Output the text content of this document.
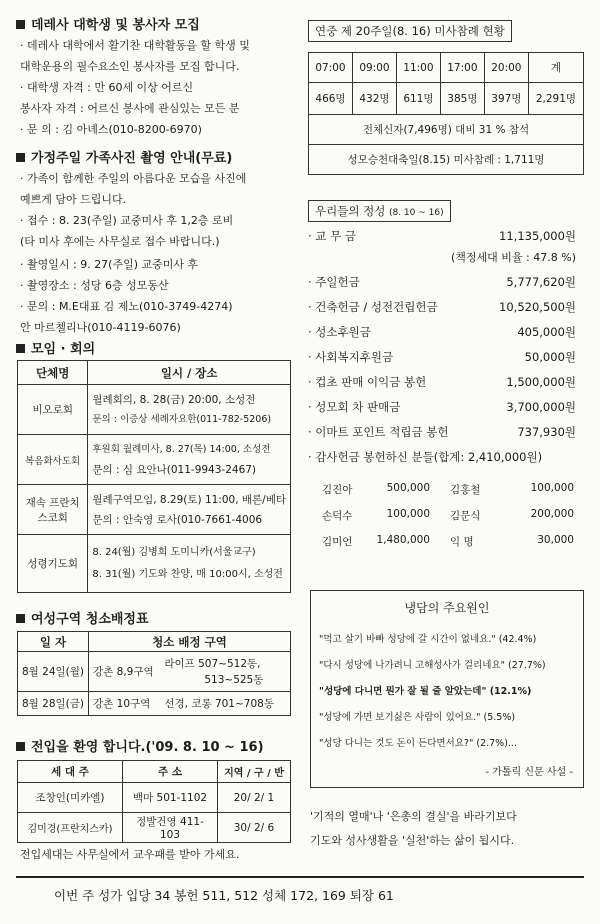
데레사 대학생 및 봉사자 모집
· 데레사 대학에서 활기찬 대학활동을 할 학생 및
대학운용의 필수요소인 봉사자를 모집 합니다.
· 대학생 자격 : 만 60세 이상 어르신
봉사자 자격 : 어르신 봉사에 관심있는 모든 분
· 문 의 : 김 아녜스(010-8200-6970)
가정주일 가족사진 촬영 안내(무료)
· 가족이 함께한 주일의 아름다운 모습을 사진에
예쁘게 담아 드립니다.
· 접수 : 8. 23(주일) 교중미사 후 1,2층 로비
(타 미사 후에는 사무실로 접수 바랍니다.)
· 촬영일시 : 9. 27(주일) 교중미사 후
· 촬영장소 : 성당 6층 성모동산
· 문의 : M.E대표 김 제노(010-3749-4274)
안 마르첼리나(010-4119-6076)
모임 · 회의
단체명	일시 / 장소
비오로회	월례회의, 8. 28(금) 20:00, 소성전
문의 : 이증상 세례자요한(011-782-5206)

복음화사도회	후원회 월례미사, 8. 27(목) 14:00, 소성전
문의 : 심 요안나(011-9943-2467)

재속 프란치스코회	월례구역모임, 8.29(토) 11:00, 배론/베타
문의 : 안숙영 로사(010-7661-4006

성령기도회	8. 24(월) 김병희 도미니카(서울교구)
8. 31(월) 기도와 찬양, 매 10:00시, 소성전
여성구역 청소배정표
일 자	청소 배정 구역
8월 24일(월)	강촌 8,9구역
라이프 507~512동,
513~525동

8월 28일(금)	강촌 10구역 선경, 코롱 701~708동
전입을 환영 합니다.('09. 8. 10 ~ 16)
세 대 주	주 소	지역 / 구 / 반
조창인(미카엘)	백마 501-1102	20/ 2/ 1
김미경(프란치스카)	정발건영 411-103	30/ 2/ 6
전입세대는 사무실에서 교우패를 받아 가세요.
연중 제 20주일(8. 16) 미사참례 현황
07:00	09:00	11:00	17:00	20:00	계
466명	432명	611명	385명	397명	2,291명
전체신자(7,496명) 대비 31 % 참석					
성모승천대축일(8.15) 미사참례 : 1,711명					
우리들의 정성 (8. 10 ~ 16)
· 교 무 금	11,135,000원
(책정세대 비율 : 47.8 %)
· 주일헌금	5,777,620원
· 건축헌금 / 성전건립헌금	10,520,500원
· 성소후원금	405,000원
· 사회복지후원금	50,000원
· 컵초 판매 이익금 봉헌	1,500,000원
· 성모회 차 판매금	3,700,000원
· 이마트 포인트 적립금 봉헌	737,930원
· 감사헌금 봉헌하신 분들(합계: 2,410,000원)
김진아	500,000 김홍철	100,000
손덕수	100,000 김문식	200,000
김미언 1,480,000 익 명	30,000
냉담의 주요원인
"먹고 살기 바빠 성당에 갈 시간이 없네요." (42.4%)
"다시 성당에 나가려니 고해성사가 걸리네요" (27.7%)
"성당에 다니면 뭔가 잘 될 줄 알았는데" (12.1%)
"성당에 가면 보기싫은 사람이 있어요." (5.5%)
"성당 다니는 것도 돈이 든다면서요?" (2.7%)...
- 가톨릭 신문 사설 -
'기적의 열매'나 '은총의 결실'을 바라기보다
기도와 성사생활을 '실천'하는 삶이 됩시다.
이번 주 성가 입당 34 봉헌 511, 512 성체 172, 169 퇴장 61
